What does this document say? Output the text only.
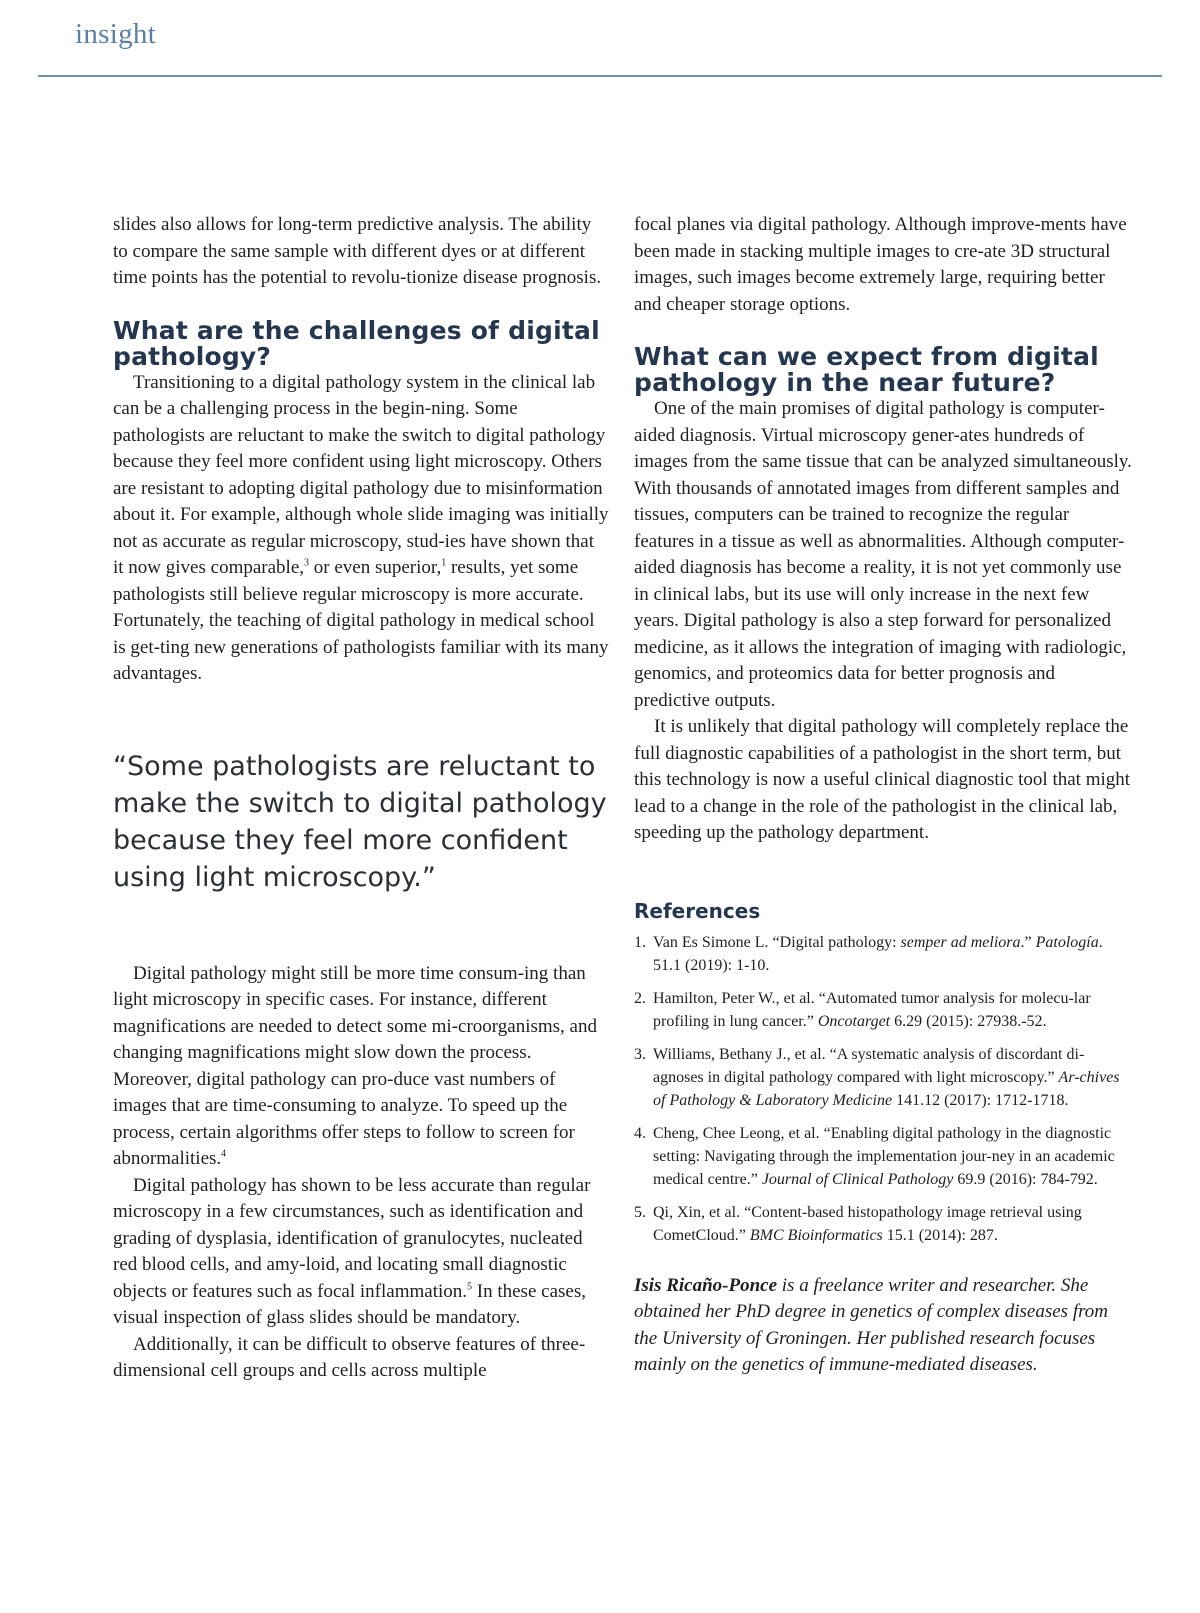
insight

slides also allows for long-term predictive analysis. The ability to compare the same sample with different dyes or at different time points has the potential to revolu-tionize disease prognosis.

What are the challenges of digital pathology?

Transitioning to a digital pathology system in the clinical lab can be a challenging process in the begin-ning. Some pathologists are reluctant to make the switch to digital pathology because they feel more confident using light microscopy. Others are resistant to adopting digital pathology due to misinformation about it. For example, although whole slide imaging was initially not as accurate as regular microscopy, stud-ies have shown that it now gives comparable,$^3$ or even superior,$^1$ results, yet some pathologists still believe regular microscopy is more accurate. Fortunately, the teaching of digital pathology in medical school is get-ting new generations of pathologists familiar with its many advantages.

“Some pathologists are reluctant to make the switch to digital pathology because they feel more confident using light microscopy.”

Digital pathology might still be more time consum-ing than light microscopy in specific cases. For instance, different magnifications are needed to detect some mi-croorganisms, and changing magnifications might slow down the process. Moreover, digital pathology can pro-duce vast numbers of images that are time-consuming to analyze. To speed up the process, certain algorithms offer steps to follow to screen for abnormalities.$^4$

Digital pathology has shown to be less accurate than regular microscopy in a few circumstances, such as identification and grading of dysplasia, identification of granulocytes, nucleated red blood cells, and amy-loid, and locating small diagnostic objects or features such as focal inflammation.$^5$ In these cases, visual inspection of glass slides should be mandatory.

Additionally, it can be difficult to observe features of three-dimensional cell groups and cells across multiple

focal planes via digital pathology. Although improve-ments have been made in stacking multiple images to cre-ate 3D structural images, such images become extremely large, requiring better and cheaper storage options.

What can we expect from digital pathology in the near future?

One of the main promises of digital pathology is computer-aided diagnosis. Virtual microscopy gener-ates hundreds of images from the same tissue that can be analyzed simultaneously. With thousands of annotated images from different samples and tissues, computers can be trained to recognize the regular features in a tissue as well as abnormalities. Although computer-aided diagnosis has become a reality, it is not yet commonly use in clinical labs, but its use will only increase in the next few years. Digital pathology is also a step forward for personalized medicine, as it allows the integration of imaging with radiologic, genomics, and proteomics data for better prognosis and predictive outputs.

It is unlikely that digital pathology will completely replace the full diagnostic capabilities of a pathologist in the short term, but this technology is now a useful clinical diagnostic tool that might lead to a change in the role of the pathologist in the clinical lab, speeding up the pathology department.

References
1. Van Es Simone L. “Digital pathology: semper ad meliora.” Patología. 51.1 (2019): 1-10.
2. Hamilton, Peter W., et al. “Automated tumor analysis for molecu-lar profiling in lung cancer.” Oncotarget 6.29 (2015): 27938.-52.
3. Williams, Bethany J., et al. “A systematic analysis of discordant di-agnoses in digital pathology compared with light microscopy.” Ar-chives of Pathology & Laboratory Medicine 141.12 (2017): 1712-1718.
4. Cheng, Chee Leong, et al. “Enabling digital pathology in the diagnostic setting: Navigating through the implementation jour-ney in an academic medical centre.” Journal of Clinical Pathology 69.9 (2016): 784-792.
5. Qi, Xin, et al. “Content-based histopathology image retrieval using CometCloud.” BMC Bioinformatics 15.1 (2014): 287.

Isis Ricaño-Ponce is a freelance writer and researcher. She obtained her PhD degree in genetics of complex diseases from the University of Groningen. Her published research focuses mainly on the genetics of immune-mediated diseases.
